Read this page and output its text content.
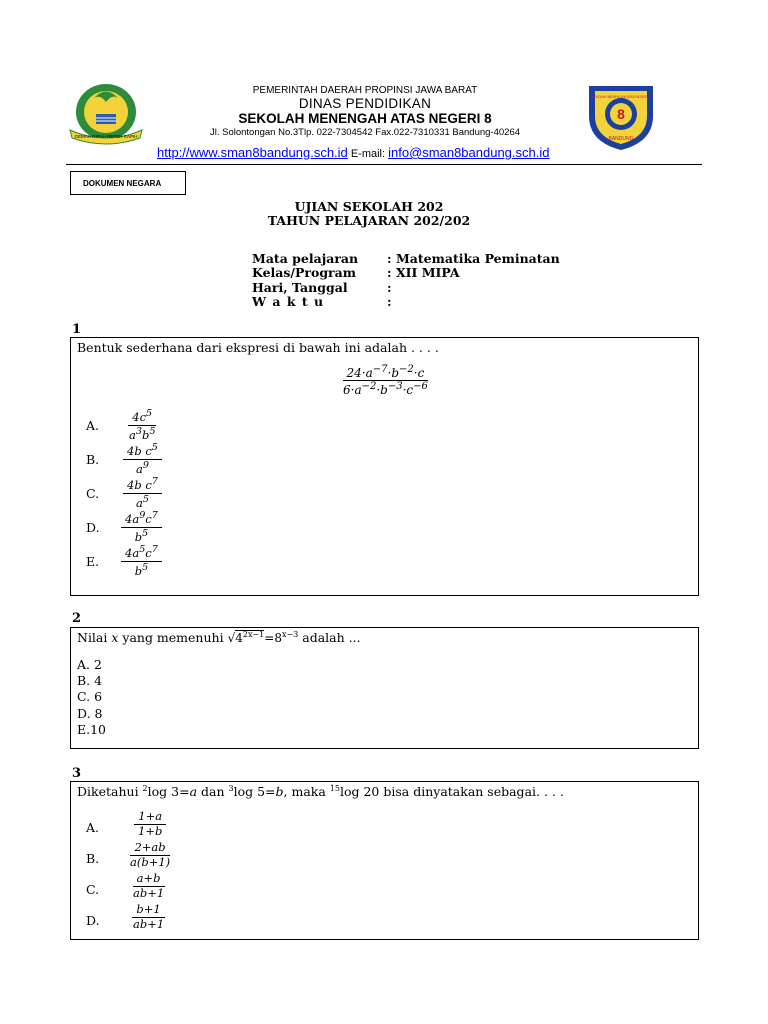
GEMAH RIPAH REPEH RAPIH
8
BANDUNG
SEKOLAH MENENGAH ATAS NEGERI 8
PEMERINTAH DAERAH PROPINSI JAWA BARAT
DINAS PENDIDIKAN
SEKOLAH MENENGAH ATAS NEGERI 8
Jl. Solontongan No.3Tlp. 022-7304542 Fax.022-7310331 Bandung-40264
http://www.sman8bandung.sch.id E-mail: info@sman8bandung.sch.id
DOKUMEN NEGARA
UJIAN SEKOLAH 202
TAHUN PELAJARAN 202/202
Mata pelajaran : Matematika Peminatan
Kelas/Program : XII MIPA
Hari, Tanggal	:
W a k t u	:
1
Bentuk sederhana dari ekspresi di bawah ini adalah . . . .
$\frac{24\cdot a^{-7}\cdot b^{-2}\cdot c}{6\cdot a^{-2}\cdot b^{-3}\cdot c^{-6}}$
A. $\frac{4c^5}{a^3b^5}$
B. $\frac{4b c^5}{a^9}$
C. $\frac{4b c^7}{a^5}$
D. $\frac{4a^9c^7}{b^5}$
E. $\frac{4a^5c^7}{b^5}$
2
Nilai x yang memenuhi $√4^{2x-1}=8^{x-3}$ adalah ...
A. 2
B. 4
C. 6
D. 8
E.10
3
Diketahui $^2$log 3=a dan $^3$log 5=b, maka $^{15}$log 20 bisa dinyatakan sebagai. . . .
A.	$\frac{1+a}{1+b}$
B. $\frac{2+ab}{a(b+1)}$
C.	$\frac{a+b}{ab+1}$
D.	$\frac{b+1}{ab+1}$
